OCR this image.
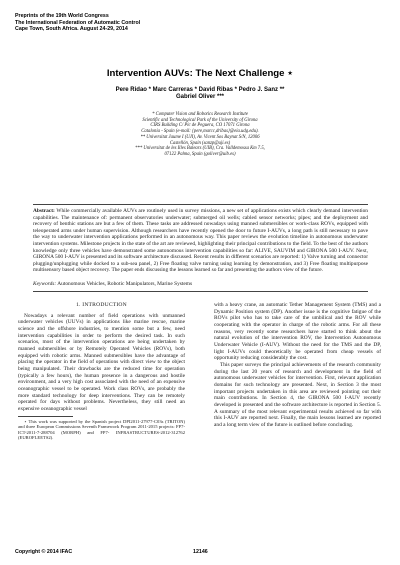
Preprints of the 19th World Congress
The International Federation of Automatic Control
Cape Town, South Africa. August 24-29, 2014
Intervention AUVs: The Next Challenge ⋆
Pere Ridao * Marc Carreras * David Ribas * Pedro J. Sanz **
Gabriel Oliver ***

* Computer Vision and Robotics Research Institute

Scientific and Technological Park of the University of Girona

CIRS Building C/ Pic de Peguera, CO 17071 Girona

Catalonia - Spain (e-mail: {pere,marcc,dribas}@eia.udg.edu).

** Universitat Jaume I (UJI), Av. Vicent Sos Baynat S/N, 12006

Castellón, Spain (sanzp@uji.es)

*** Universitat de les Illes Balears (UIB), Cra. Valldemossa Km 7.5,

07122 Palma, Spain (goliver@uib.es)

Abstract: While commercially available AUVs are routinely used in survey missions, a new set of applications exists which clearly demand intervention capabilities. The maintenance of: permanent observatories underwater; submerged oil wells; cabled sensor networks; pipes; and the deployment and recovery of benthic stations are but a few of them. These tasks are addressed nowadays using manned submersibles or work-class ROVs, equipped with teleoperated arms under human supervision. Although researchers have recently opened the door to future I-AUVs, a long path is still necessary to pave the way to underwater intervention applications performed in an autonomous way. This paper reviews the evolution timeline in autonomous underwater intervention systems. Milestone projects in the state of the art are reviewed, highlighting their principal contributions to the field. To the best of the authors knowledge only three vehicles have demonstrated some autonomous intervention capabilities so far: ALIVE, SAUVIM and GIRONA 500 I-AUV. Next, GIRONA 500 I-AUV is presented and its software architecture discussed. Recent results in different scenarios are reported: 1) Valve turning and connector plugging/unplugging while docked to a sub-sea panel, 2) Free floating valve turning using learning by demonstration, and 3) Free floating multipurpose multisensory based object recovery. The paper ends discussing the lessons learned so far and presenting the authors view of the future.

Keywords: Autonomous Vehicles, Robotic Manipulators, Marine Systems

1. INTRODUCTION

Nowadays a relevant number of field operations with unmanned underwater vehicles (UUVs) in applications like marine rescue, marine science and the offshore industries, to mention some but a few, need intervention capabilities in order to perform the desired task. In such scenarios, most of the intervention operations are being undertaken by manned submersibles or by Remotely Operated Vehicles (ROVs), both equipped with robotic arms. Manned submersibles have the advantage of placing the operator in the field of operations with direct view to the object being manipulated. Their drawbacks are the reduced time for operation (typically a few hours), the human presence in a dangerous and hostile environment, and a very high cost associated with the need of an expensive oceanographic vessel to be operated. Work class ROVs, are probably the more standard technology for deep interventions. They can be remotely operated for days without problems. Nevertheless, they still need an expensive oceanographic vessel

⋆ This work was supported by the Spanish project DPI2011-27977-C03s (TRITON) and three European Commissions Seventh Framework Program 2011-2015 projects: FP7-ICT-2011-7-288704 (MORPH) and FP7- INFRASTRUCTURES-2012-312762 (EUROFLEETS2).

with a heavy crane, an automatic Tether Management System (TMS) and a Dynamic Position system (DP). Another issue is the cognitive fatigue of the ROVs pilot who has to take care of the umbilical and the ROV while cooperating with the operator in charge of the robotic arms. For all these reasons, very recently some researchers have started to think about the natural evolution of the intervention ROV, the Intervention Autonomous Underwater Vehicle (I-AUV). Without the need for the TMS and the DP, light I-AUVs could theoretically be operated from cheap vessels of opportunity reducing considerably the cost.

This paper surveys the principal achievements of the research community during the last 20 years of research and development in the field of autonomous underwater vehicles for intervention. First, relevant application domains for such technology are presented. Next, in Section 3 the most important projects undertaken in this area are reviewed pointing out their main contributions. In Section 4, the GIRONA 500 I-AUV recently developed is presented and the software architecture is reported in Section 5. A summary of the most relevant experimental results achieved so far with this I-AUV are reported next. Finally, the main lessons learned are reported and a long term view of the future is outlined before concluding.

Copyright © 2014 IFAC	12146
